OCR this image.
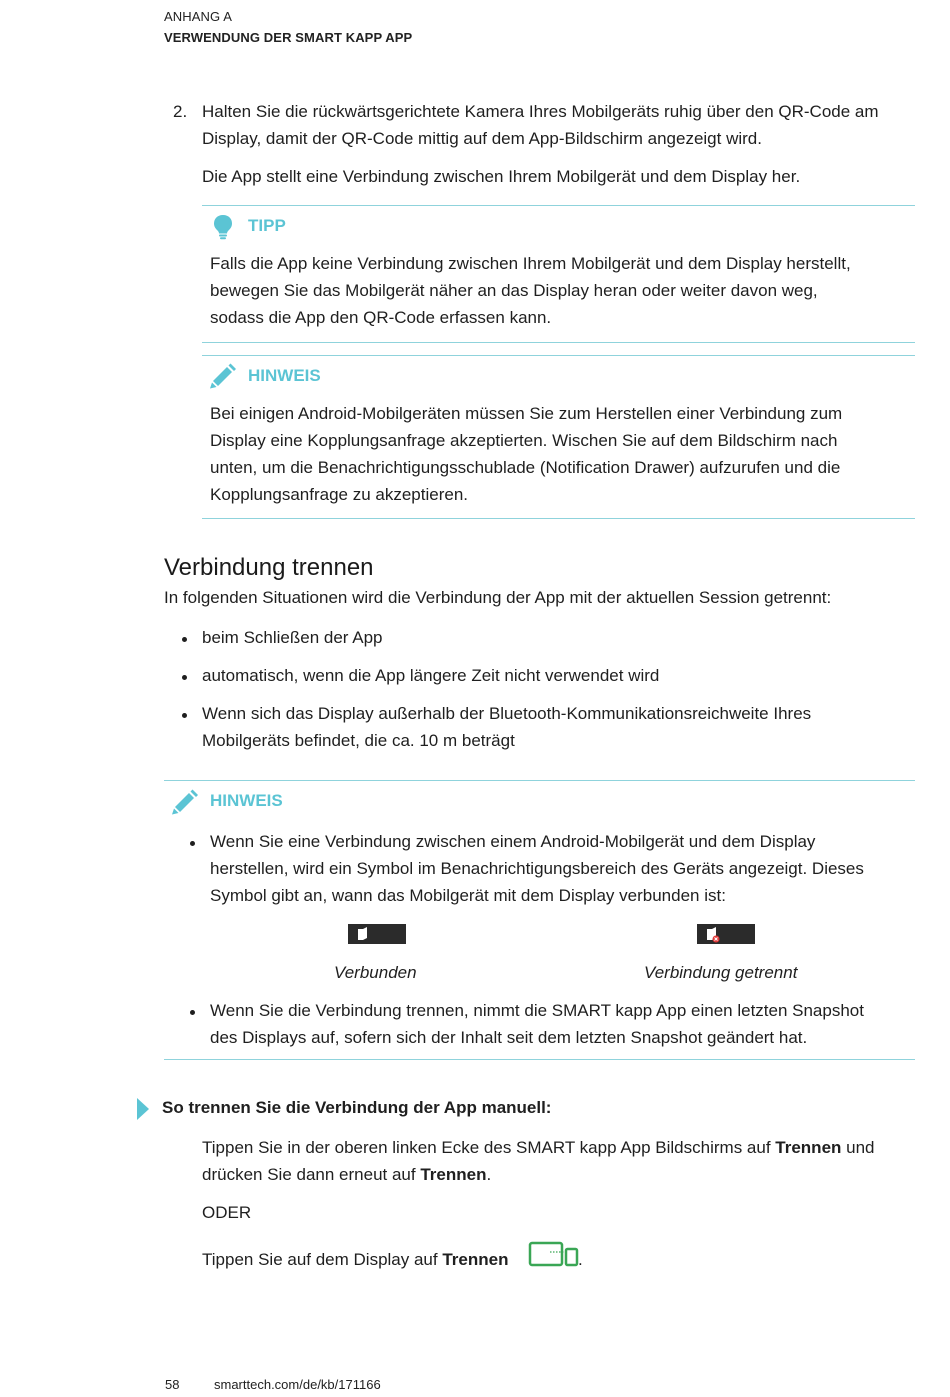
ANHANG A
VERWENDUNG DER SMART KAPP APP
2. Halten Sie die rückwärtsgerichtete Kamera Ihres Mobilgeräts ruhig über den QR-Code am
Display, damit der QR-Code mittig auf dem App-Bildschirm angezeigt wird.
Die App stellt eine Verbindung zwischen Ihrem Mobilgerät und dem Display her.
TIPP
Falls die App keine Verbindung zwischen Ihrem Mobilgerät und dem Display herstellt,
bewegen Sie das Mobilgerät näher an das Display heran oder weiter davon weg,
sodass die App den QR-Code erfassen kann.
HINWEIS
Bei einigen Android-Mobilgeräten müssen Sie zum Herstellen einer Verbindung zum
Display eine Kopplungsanfrage akzeptierten. Wischen Sie auf dem Bildschirm nach
unten, um die Benachrichtigungsschublade (Notification Drawer) aufzurufen und die
Kopplungsanfrage zu akzeptieren.
Verbindung trennen
In folgenden Situationen wird die Verbindung der App mit der aktuellen Session getrennt:
beim Schließen der App
automatisch, wenn die App längere Zeit nicht verwendet wird
Wenn sich das Display außerhalb der Bluetooth-Kommunikationsreichweite Ihres
Mobilgeräts befindet, die ca. 10 m beträgt
HINWEIS
Wenn Sie eine Verbindung zwischen einem Android-Mobilgerät und dem Display
herstellen, wird ein Symbol im Benachrichtigungsbereich des Geräts angezeigt. Dieses
Symbol gibt an, wann das Mobilgerät mit dem Display verbunden ist:
Verbunden	Verbindung getrennt
Wenn Sie die Verbindung trennen, nimmt die SMART kapp App einen letzten Snapshot
des Displays auf, sofern sich der Inhalt seit dem letzten Snapshot geändert hat.
So trennen Sie die Verbindung der App manuell:
Tippen Sie in der oberen linken Ecke des SMART kapp App Bildschirms auf Trennen und
drücken Sie dann erneut auf Trennen.
ODER
Tippen Sie auf dem Display auf Trennen	.
58	smarttech.com/de/kb/171166
